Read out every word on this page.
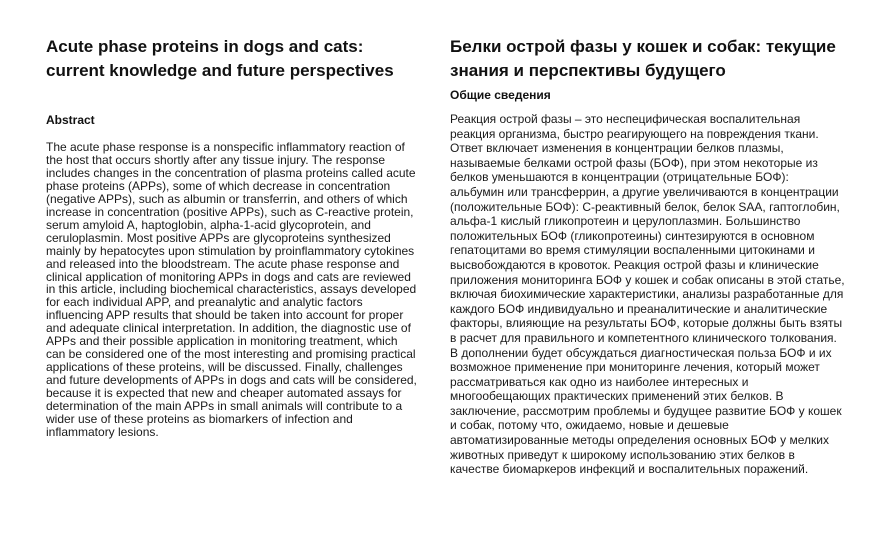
Acute phase proteins in dogs and cats: current knowledge and future perspectives
Abstract

The acute phase response is a nonspecific inflammatory reaction of the host that occurs shortly after any tissue injury. The response includes changes in the concentration of plasma proteins called acute phase proteins (APPs), some of which decrease in concentration (negative APPs), such as albumin or transferrin, and others of which increase in concentration (positive APPs), such as C-reactive protein, serum amyloid A, haptoglobin, alpha-1-acid glycoprotein, and ceruloplasmin. Most positive APPs are glycoproteins synthesized mainly by hepatocytes upon stimulation by proinflammatory cytokines and released into the bloodstream. The acute phase response and clinical application of monitoring APPs in dogs and cats are reviewed in this article, including biochemical characteristics, assays developed for each individual APP, and preanalytic and analytic factors influencing APP results that should be taken into account for proper and adequate clinical interpretation. In addition, the diagnostic use of APPs and their possible application in monitoring treatment, which can be considered one of the most interesting and promising practical applications of these proteins, will be discussed. Finally, challenges and future developments of APPs in dogs and cats will be considered, because it is expected that new and cheaper automated assays for determination of the main APPs in small animals will contribute to a wider use of these proteins as biomarkers of infection and inflammatory lesions.

Белки острой фазы у кошек и собак: текущие знания и перспективы будущего
Общие сведения

Реакция острой фазы – это неспецифическая воспалительная реакция организма, быстро реагирующего на повреждения ткани. Ответ включает изменения в концентрации белков плазмы, называемые белками острой фазы (БОФ), при этом некоторые из белков уменьшаются в концентрации (отрицательные БОФ): альбумин или трансферрин, а другие увеличиваются в концентрации (положительные БОФ): С-реактивный белок, белок SAA, гаптоглобин, альфа-1 кислый гликопротеин и церулоплазмин. Большинство положительных БОФ (гликопротеины) синтезируются в основном гепатоцитами во время стимуляции воспаленными цитокинами и высвобождаются в кровоток. Реакция острой фазы и клинические приложения мониторинга БОФ у кошек и собак описаны в этой статье, включая биохимические характеристики, анализы разработанные для каждого БОФ индивидуально и преаналитические и аналитические факторы, влияющие на результаты БОФ, которые должны быть взяты в расчет для правильного и компетентного клинического толкования. В дополнении будет обсуждаться диагностическая польза БОФ и их возможное применение при мониторинге лечения, который может рассматриваться как одно из наиболее интересных и многообещающих практических применений этих белков. В заключение, рассмотрим проблемы и будущее развитие БОФ у кошек и собак, потому что, ожидаемо, новые и дешевые автоматизированные методы определения основных БОФ у мелких животных приведут к широкому использованию этих белков в качестве биомаркеров инфекций и воспалительных поражений.
